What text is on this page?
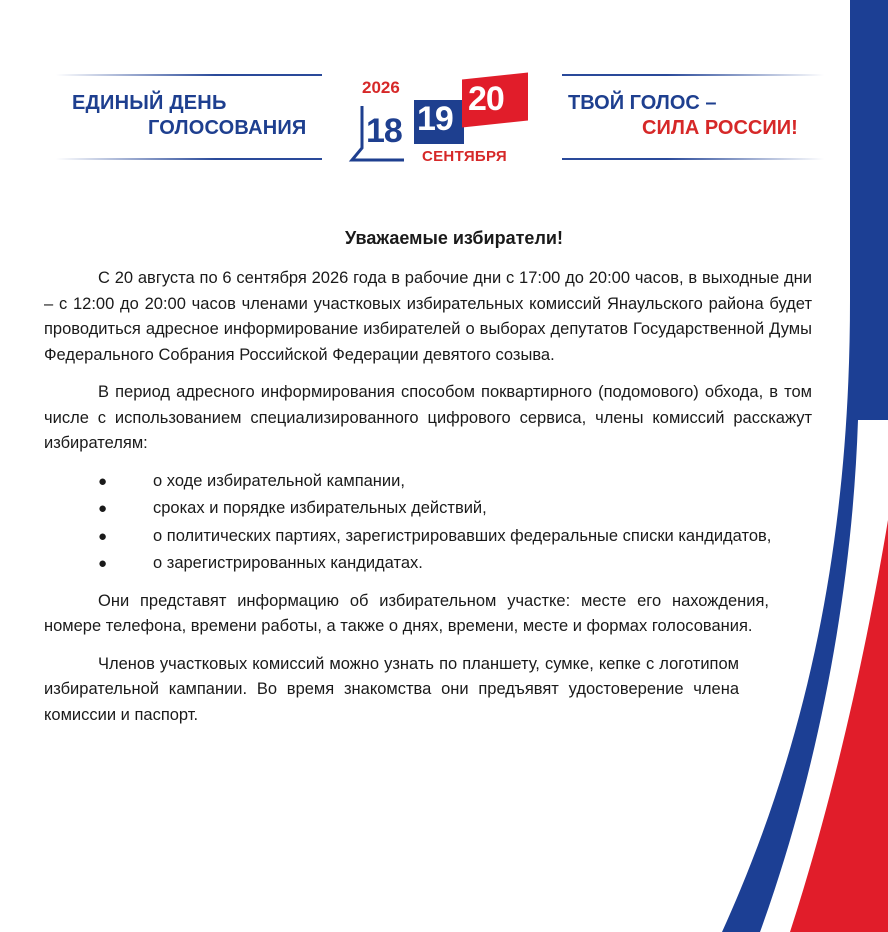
ЕДИНЫЙ ДЕНЬ
ГОЛОСОВАНИЯ
2026
18 19
20
СЕНТЯБРЯ
ТВОЙ ГОЛОС –
СИЛА РОССИИ!
Уважаемые избиратели!

С 20 августа по 6 сентября 2026 года в рабочие дни с 17:00 до 20:00 часов, в выходные дни – с 12:00 до 20:00 часов членами участковых избирательных комиссий Янаульского района будет проводиться адресное информирование избирателей о выборах депутатов Государственной Думы Федерального Собрания Российской Федерации девятого созыва.

В период адресного информирования способом поквартирного (подомового) обхода, в том числе с использованием специализированного цифрового сервиса, члены комиссий расскажут избирателям:

●	о ходе избирательной кампании,
●	сроках и порядке избирательных действий,
●	о политических партиях, зарегистрировавших федеральные списки кандидатов,
●	о зарегистрированных кандидатах.

Они представят информацию об избирательном участке: месте его нахождения, номере телефона, времени работы, а также о днях, времени, месте и формах голосования.

Членов участковых комиссий можно узнать по планшету, сумке, кепке с логотипом избирательной кампании. Во время знакомства они предъявят удостоверение члена комиссии и паспорт.
